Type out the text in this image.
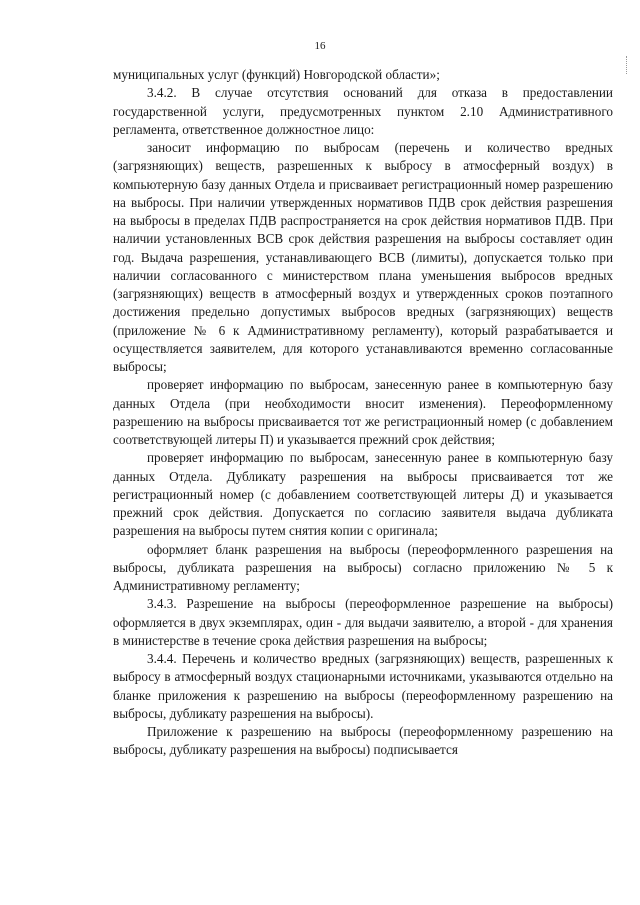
16

муниципальных услуг (функций) Новгородской области»;

3.4.2. В случае отсутствия оснований для отказа в предоставлении государственной услуги, предусмотренных пунктом 2.10 Административного регламента, ответственное должностное лицо:

заносит информацию по выбросам (перечень и количество вредных (загрязняющих) веществ, разрешенных к выбросу в атмосферный воздух) в компьютерную базу данных Отдела и присваивает регистрационный номер разрешению на выбросы. При наличии утвержденных нормативов ПДВ срок действия разрешения на выбросы в пределах ПДВ распространяется на срок действия нормативов ПДВ. При наличии установленных ВСВ срок действия разрешения на выбросы составляет один год. Выдача разрешения, устанавливающего ВСВ (лимиты), допускается только при наличии согласованного с министерством плана уменьшения выбросов вредных (загрязняющих) веществ в атмосферный воздух и утвержденных сроков поэтапного достижения предельно допустимых выбросов вредных (загрязняющих) веществ (приложение № 6 к Административному регламенту), который разрабатывается и осуществляется заявителем, для которого устанавливаются временно согласованные выбросы;

проверяет информацию по выбросам, занесенную ранее в компьютерную базу данных Отдела (при необходимости вносит изменения). Переоформленному разрешению на выбросы присваивается тот же регистрационный номер (с добавлением соответствующей литеры П) и указывается прежний срок действия;

проверяет информацию по выбросам, занесенную ранее в компьютерную базу данных Отдела. Дубликату разрешения на выбросы присваивается тот же регистрационный номер (с добавлением соответствующей литеры Д) и указывается прежний срок действия. Допускается по согласию заявителя выдача дубликата разрешения на выбросы путем снятия копии с оригинала;

оформляет бланк разрешения на выбросы (переоформленного разрешения на выбросы, дубликата разрешения на выбросы) согласно приложению № 5 к Административному регламенту;

3.4.3. Разрешение на выбросы (переоформленное разрешение на выбросы) оформляется в двух экземплярах, один - для выдачи заявителю, а второй - для хранения в министерстве в течение срока действия разрешения на выбросы;

3.4.4. Перечень и количество вредных (загрязняющих) веществ, разрешенных к выбросу в атмосферный воздух стационарными источниками, указываются отдельно на бланке приложения к разрешению на выбросы (переоформленному разрешению на выбросы, дубликату разрешения на выбросы).

Приложение к разрешению на выбросы (переоформленному разрешению на выбросы, дубликату разрешения на выбросы) подписывается
